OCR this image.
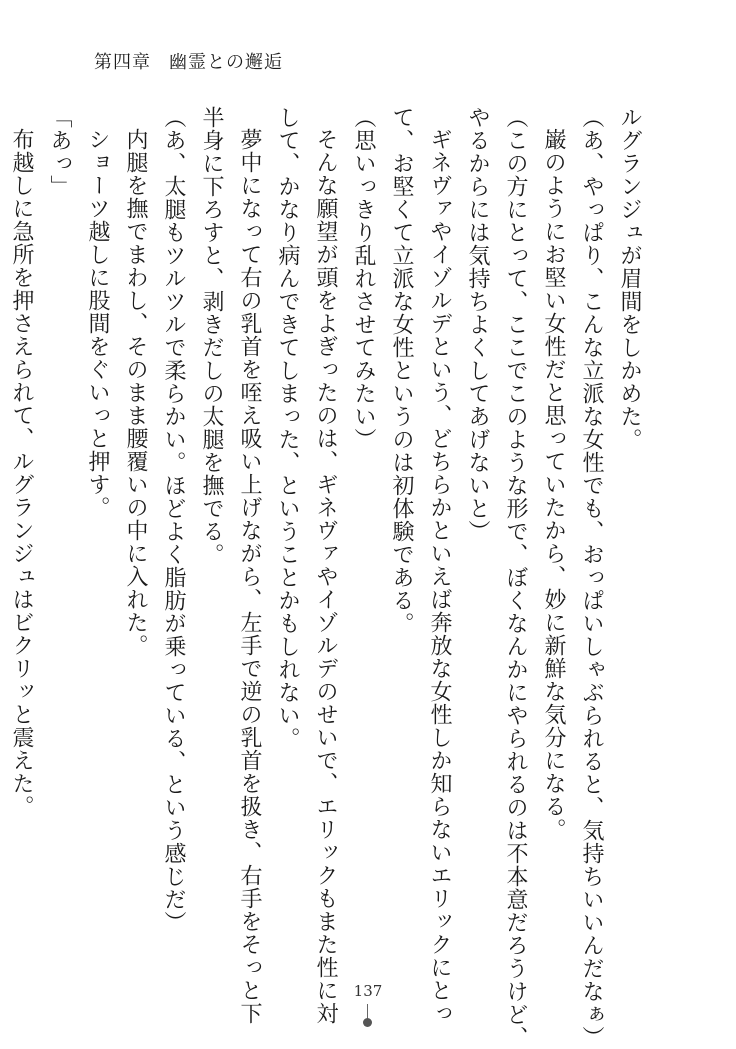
第四章 幽霊との邂逅

ルグランジュが眉間をしかめた。

（あ、やっぱり、こんな立派な女性でも、おっぱいしゃぶられると、気持ちいいんだなぁ）

巌のようにお堅い女性だと思っていたから、妙に新鮮な気分になる。

（この方にとって、ここでこのような形で、ぼくなんかにやられるのは不本意だろうけど、

やるからには気持ちよくしてあげないと）

ギネヴァやイゾルデという、どちらかといえば奔放な女性しか知らないエリックにとっ

て、お堅くて立派な女性というのは初体験である。

（思いっきり乱れさせてみたい）

そんな願望が頭をよぎったのは、ギネヴァやイゾルデのせいで、エリックもまた性に対

して、かなり病んできてしまった、ということかもしれない。

夢中になって右の乳首を咥え吸い上げながら、左手で逆の乳首を扱き、右手をそっと下

半身に下ろすと、剥きだしの太腿を撫でる。

（あ、太腿もツルツルで柔らかい。ほどよく脂肪が乗っている、という感じだ）

内腿を撫でまわし、そのまま腰覆いの中に入れた。

ショーツ越しに股間をぐいっと押す。

「あっ」

布越しに急所を押さえられて、ルグランジュはビクリッと震えた。

137
